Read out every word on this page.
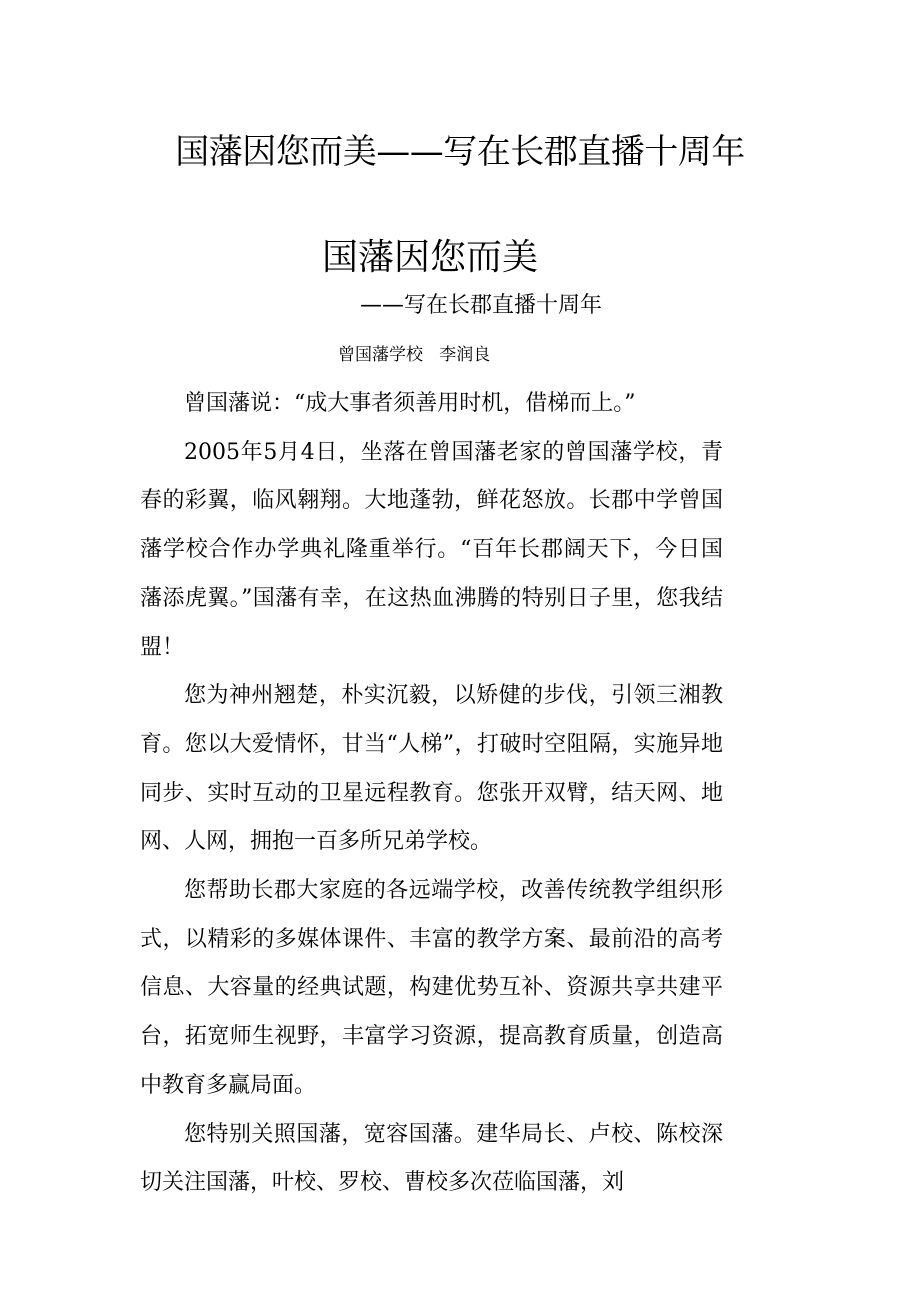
国藩因您而美——写在长郡直播十周年
国藩因您而美
——写在长郡直播十周年
曾国藩学校   李润良

曾国藩说：“成大事者须善用时机，借梯而上。”

2005年5月4日，坐落在曾国藩老家的曾国藩学校，青春的彩翼，临风翱翔。大地蓬勃，鲜花怒放。长郡中学曾国藩学校合作办学典礼隆重举行。“百年长郡阔天下，今日国藩添虎翼。”国藩有幸，在这热血沸腾的特别日子里，您我结盟！

您为神州翘楚，朴实沉毅，以矫健的步伐，引领三湘教育。您以大爱情怀，甘当“人梯”，打破时空阻隔，实施异地同步、实时互动的卫星远程教育。您张开双臂，结天网、地网、人网，拥抱一百多所兄弟学校。

您帮助长郡大家庭的各远端学校，改善传统教学组织形式，以精彩的多媒体课件、丰富的教学方案、最前沿的高考信息、大容量的经典试题，构建优势互补、资源共享共建平台，拓宽师生视野，丰富学习资源，提高教育质量，创造高中教育多赢局面。

您特别关照国藩，宽容国藩。建华局长、卢校、陈校深切关注国藩，叶校、罗校、曹校多次莅临国藩，刘
